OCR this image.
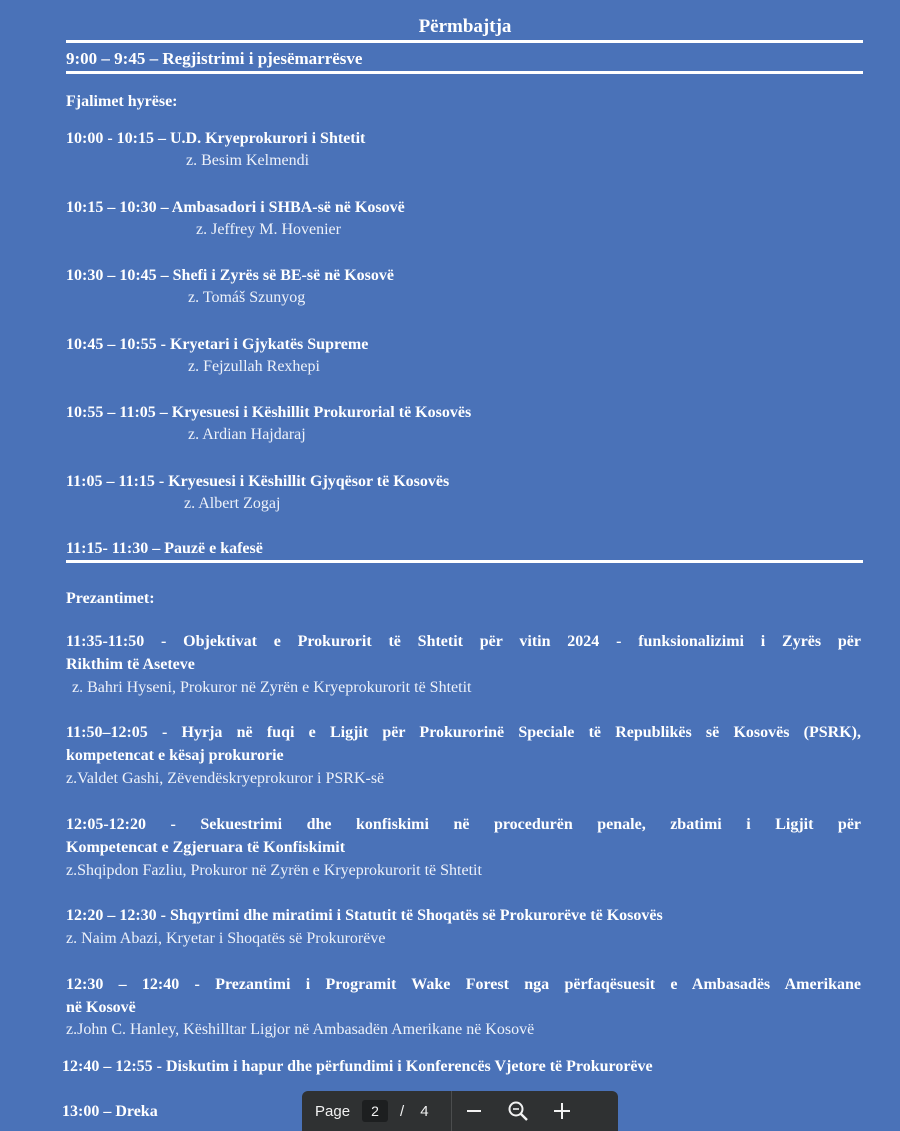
Përmbajtja
9:00 – 9:45 – Regjistrimi i pjesëmarrësve
Fjalimet hyrëse:
10:00 - 10:15 – U.D. Kryeprokurori i Shtetit
z. Besim Kelmendi
10:15 – 10:30 – Ambasadori i SHBA-së në Kosovë
z. Jeffrey M. Hovenier
10:30 – 10:45 – Shefi i Zyrës së BE-së në Kosovë
z. Tomáš Szunyog
10:45 – 10:55 - Kryetari i Gjykatës Supreme
z. Fejzullah Rexhepi
10:55 – 11:05 – Kryesuesi i Këshillit Prokurorial të Kosovës
z. Ardian Hajdaraj
11:05 – 11:15 - Kryesuesi i Këshillit Gjyqësor të Kosovës
z. Albert Zogaj
11:15- 11:30 – Pauzë e kafesë
Prezantimet:
11:35-11:50 - Objektivat e Prokurorit të Shtetit për vitin 2024 - funksionalizimi i Zyrës për
Rikthim të Aseteve
z. Bahri Hyseni, Prokuror në Zyrën e Kryeprokurorit të Shtetit
11:50–12:05 - Hyrja në fuqi e Ligjit për Prokurorinë Speciale të Republikës së Kosovës (PSRK),
kompetencat e kësaj prokurorie
z.Valdet Gashi, Zëvendëskryeprokuror i PSRK-së
12:05-12:20 - Sekuestrimi dhe konfiskimi në procedurën penale, zbatimi i Ligjit për
Kompetencat e Zgjeruara të Konfiskimit
z.Shqipdon Fazliu, Prokuror në Zyrën e Kryeprokurorit të Shtetit
12:20 – 12:30 - Shqyrtimi dhe miratimi i Statutit të Shoqatës së Prokurorëve të Kosovës
z. Naim Abazi, Kryetar i Shoqatës së Prokurorëve
12:30 – 12:40 - Prezantimi i Programit Wake Forest nga përfaqësuesit e Ambasadës Amerikane
në Kosovë
z.John C. Hanley, Këshilltar Ligjor në Ambasadën Amerikane në Kosovë
12:40 – 12:55 - Diskutim i hapur dhe përfundimi i Konferencës Vjetore të Prokurorëve
13:00 – Dreka	Page	2	/ 4
